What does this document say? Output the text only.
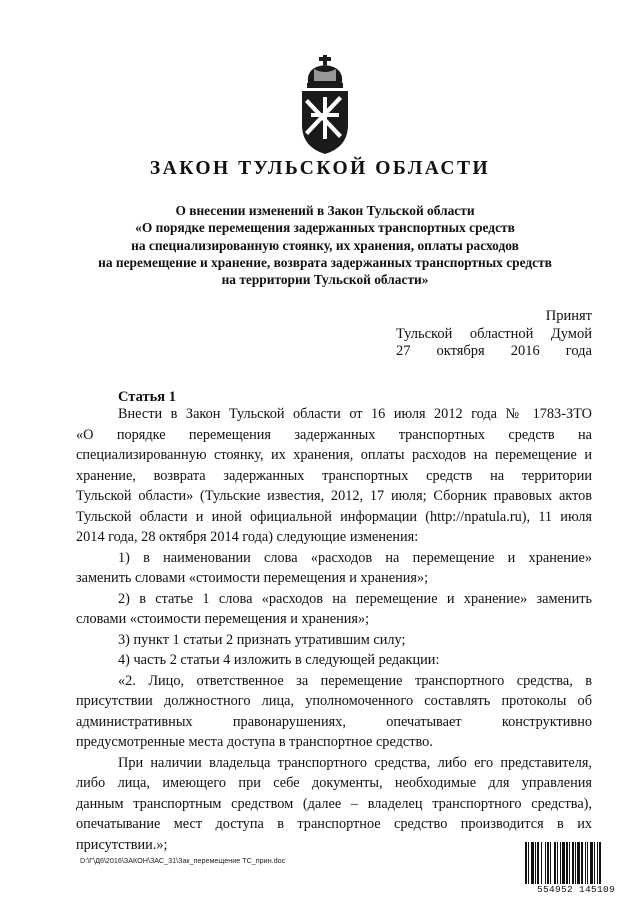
ЗАКОН ТУЛЬСКОЙ ОБЛАСТИ
О внесении изменений в Закон Тульской области
«О порядке перемещения задержанных транспортных средств
на специализированную стоянку, их хранения, оплаты расходов
на перемещение и хранение, возврата задержанных транспортных средств
на территории Тульской области»
Принят
Тульской областной Думой
27 октября 2016 года
Статья 1
Внести в Закон Тульской области от 16 июля 2012 года № 1783-ЗТО
«О порядке перемещения задержанных транспортных средств на
специализированную стоянку, их хранения, оплаты расходов на перемещение и
хранение, возврата задержанных транспортных средств на территории
Тульской области» (Тульские известия, 2012, 17 июля; Сборник правовых актов
Тульской области и иной официальной информации (http://npatula.ru), 11 июля
2014 года, 28 октября 2014 года) следующие изменения:
1) в наименовании слова «расходов на перемещение и хранение»
заменить словами «стоимости перемещения и хранения»;
2) в статье 1 слова «расходов на перемещение и хранение» заменить
словами «стоимости перемещения и хранения»;
3) пункт 1 статьи 2 признать утратившим силу;
4) часть 2 статьи 4 изложить в следующей редакции:
«2. Лицо, ответственное за перемещение транспортного средства, в
присутствии должностного лица, уполномоченного составлять протоколы об
административных правонарушениях, опечатывает конструктивно
предусмотренные места доступа в транспортное средство.
При наличии владельца транспортного средства, либо его представителя,
либо лица, имеющего при себе документы, необходимые для управления
данным транспортным средством (далее – владелец транспортного средства),
опечатывание мест доступа в транспортное средство производится в их
присутствии.»;
D:\Г\Д6\2016\ЗАКОН\ЗАС_31\Зак_перемещение ТС_прин.doc
554952 145109
